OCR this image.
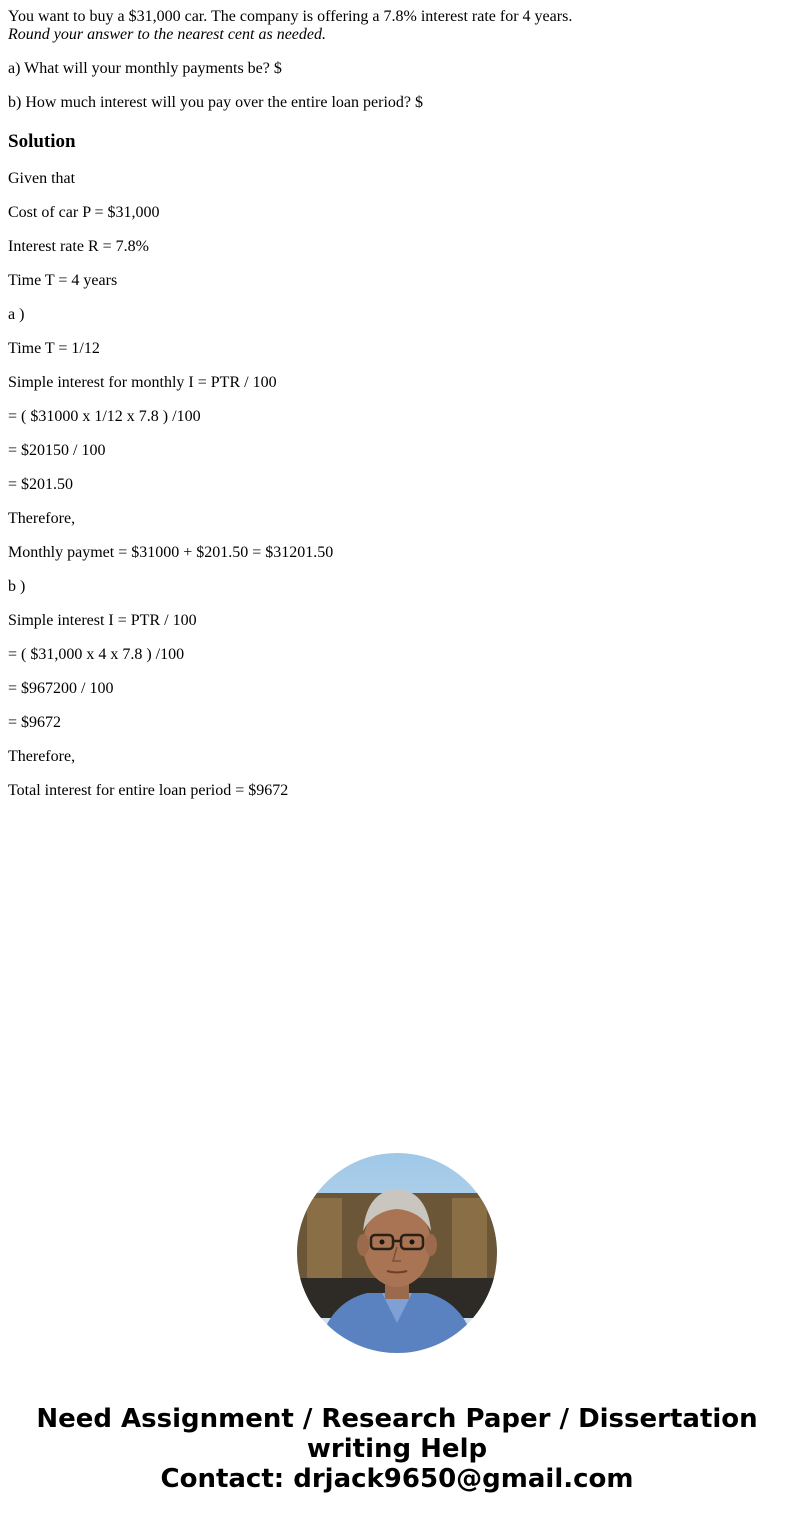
You want to buy a $31,000 car. The company is offering a 7.8% interest rate for 4 years.

Round your answer to the nearest cent as needed.

a) What will your monthly payments be? $

b) How much interest will you pay over the entire loan period? $

Solution

Given that

Cost of car P = $31,000

Interest rate R = 7.8%

Time T = 4 years

a )

Time T = 1/12

Simple interest for monthly I = PTR / 100

= ( $31000 x 1/12 x 7.8 ) /100

= $20150 / 100

= $201.50

Therefore,

Monthly paymet = $31000 + $201.50 = $31201.50

b )

Simple interest I = PTR / 100

= ( $31,000 x 4 x 7.8 ) /100

= $967200 / 100

= $9672

Therefore,

Total interest for entire loan period = $9672

Need Assignment / Research Paper / Dissertation
writing Help
Contact: drjack9650@gmail.com
